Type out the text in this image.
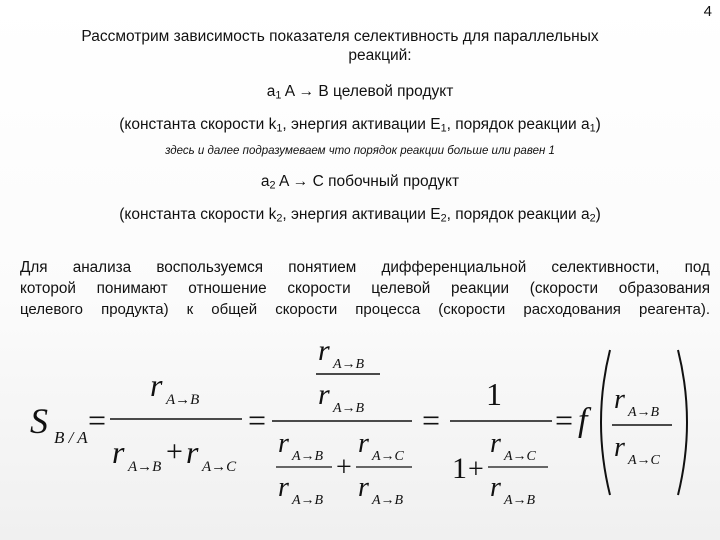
4
Рассмотрим зависимость показателя селективность для параллельных
реакций:
$a_1$ A → B целевой продукт
(константа скорости $k_1$, энергия активации $E_1$, порядок реакции $a_1$)
здесь и далее подразумеваем что порядок реакции больше или равен 1
$a_2$ A → C побочный продукт
(константа скорости $k_2$, энергия активации $E_2$, порядок реакции $a_2$)
Для анализа воспользуемся понятием дифференциальной селективности, под
которой понимают отношение скорости целевой реакции (скорости образования
целевого продукта) к общей скорости процесса (скорости расходования реагента).
S B / A =
r A→B
r A→B + r A→C
=
r A→B
r A→B
r A→B
r A→B
+
r A→C
r A→B
=
1
1 +
r A→C
r A→B
= f
r A→B
r A→C
